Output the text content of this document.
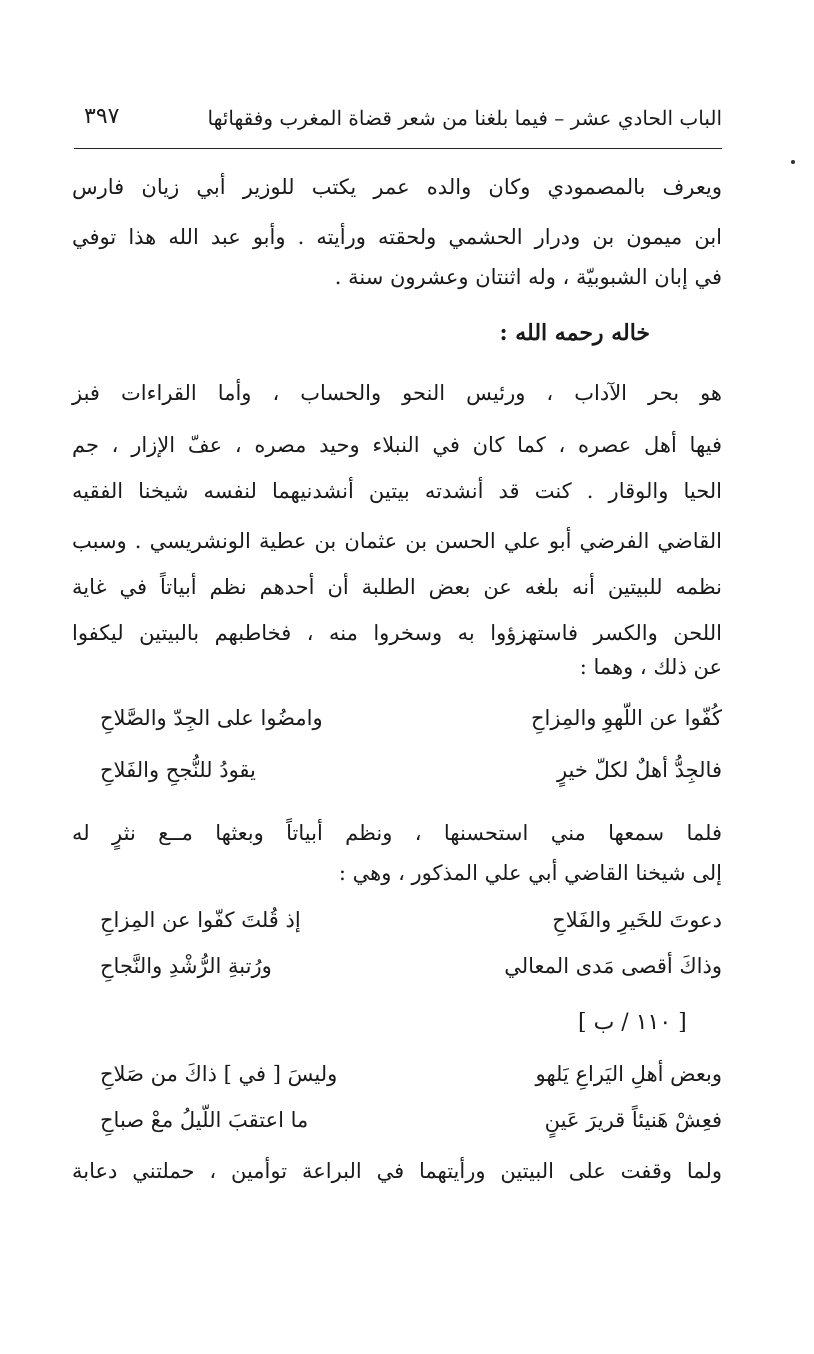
الباب الحادي عشر – فيما بلغنا من شعر قضاة المغرب وفقهائها
٣٩٧
ويعرف بالمصمودي وكان والده عمر يكتب للوزير أبي زيان فارس
ابن ميمون بن ودرار الحشمي ولحقته ورأيته . وأبو عبد الله هذا توفي
في إبان الشبوبيّة ، وله اثنتان وعشرون سنة .
خاله رحمه الله :
هو بحر الآداب ، ورئيس النحو والحساب ، وأما القراءات فبز
فيها أهل عصره ، كما كان في النبلاء وحيد مصره ، عفّ الإزار ، جم
الحيا والوقار . كنت قد أنشدته بيتين أنشدنيهما لنفسه شيخنا الفقيه
القاضي الفرضي أبو علي الحسن بن عثمان بن عطية الونشريسي . وسبب
نظمه للبيتين أنه بلغه عن بعض الطلبة أن أحدهم نظم أبياتاً في غاية
اللحن والكسر فاستهزؤوا به وسخروا منه ، فخاطبهم بالبيتين ليكفوا
عن ذلك ، وهما :
كُفّوا عن اللّهوِ والمِزاحِ
وامضُوا على الجِدّ والصَّلاحِ
فالجِدُّ أهلٌ لكلّ خيرٍ
يقودُ للنُّجحِ والفَلاحِ
فلما سمعها مني استحسنها ، ونظم أبياتاً وبعثها مــع نثرٍ له
إلى شيخنا القاضي أبي علي المذكور ، وهي :
دعوتَ للخَيرِ والفَلاحِ
إذ قُلتَ كفّوا عن المِزاحِ
وذاكَ أقصى مَدى المعالي
ورُتبةِ الرُّشْدِ والنَّجاحِ
[ ١١٠ / ب ]
وبعض أهلِ اليَراعِ يَلهو
وليسَ [ في ] ذاكَ من صَلاحِ
فعِشْ هَنيئاً قريرَ عَينٍ
ما اعتقبَ اللّيلُ معْ صباحِ
ولما وقفت على البيتين ورأيتهما في البراعة توأمين ، حملتني دعابة
